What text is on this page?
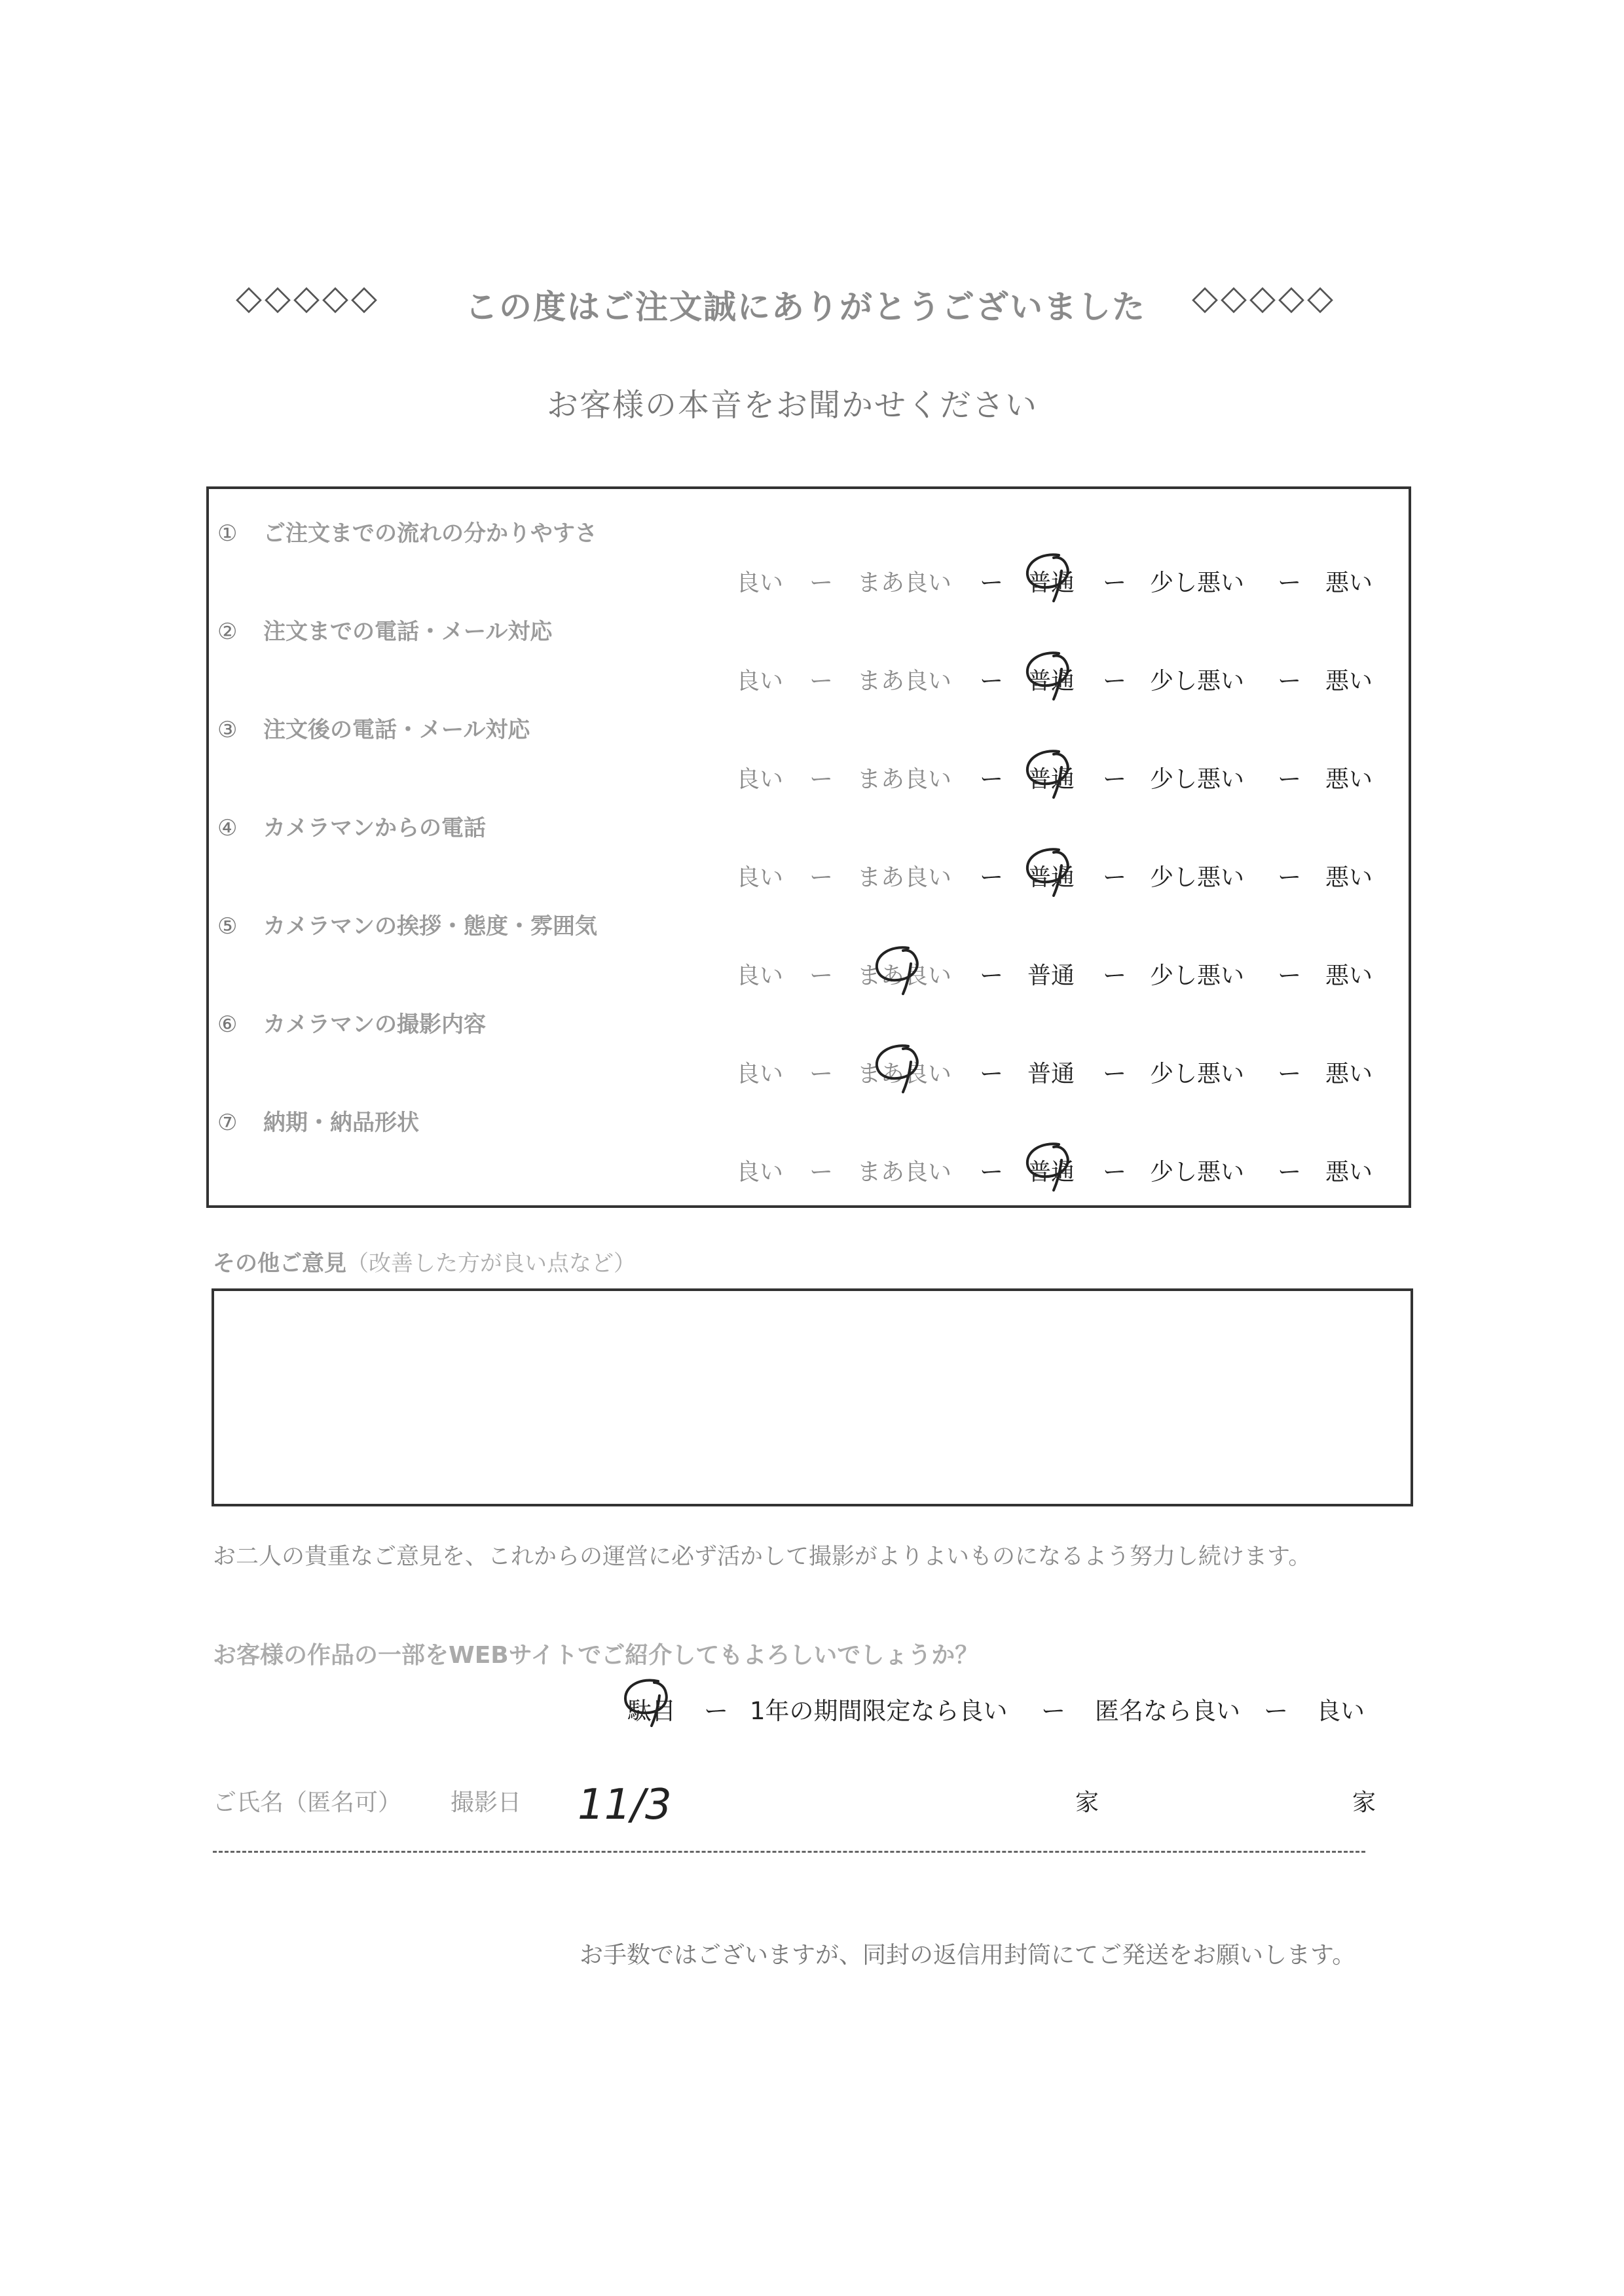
◇◇◇◇◇	この度はご注文誠にありがとうございました ◇◇◇◇◇
お客様の本音をお聞かせください
① ご注文までの流れの分かりやすさ
良い ー まあ良い ー 普通 ー 少し悪い ー 悪い
② 注文までの電話・メール対応
良い ー まあ良い ー 普通 ー 少し悪い ー 悪い
③ 注文後の電話・メール対応
良い ー まあ良い ー 普通 ー 少し悪い ー 悪い
④ カメラマンからの電話
良い ー まあ良い ー 普通 ー 少し悪い ー 悪い
⑤ カメラマンの挨拶・態度・雰囲気
良い ー まあ良い ー 普通 ー 少し悪い ー 悪い
⑥ カメラマンの撮影内容
良い ー まあ良い ー 普通 ー 少し悪い ー 悪い
⑦ 納期・納品形状
良い ー まあ良い ー 普通 ー 少し悪い ー 悪い
その他ご意見（改善した方が良い点など）
お二人の貴重なご意見を、これからの運営に必ず活かして撮影がよりよいものになるよう努力し続けます。
お客様の作品の一部をWEBサイトでご紹介してもよろしいでしょうか？
駄目 ー 1年の期間限定なら良い ー 匿名なら良い ー 良い
ご氏名（匿名可） 撮影日	家	家
11/3
お手数ではございますが、同封の返信用封筒にてご発送をお願いします。
